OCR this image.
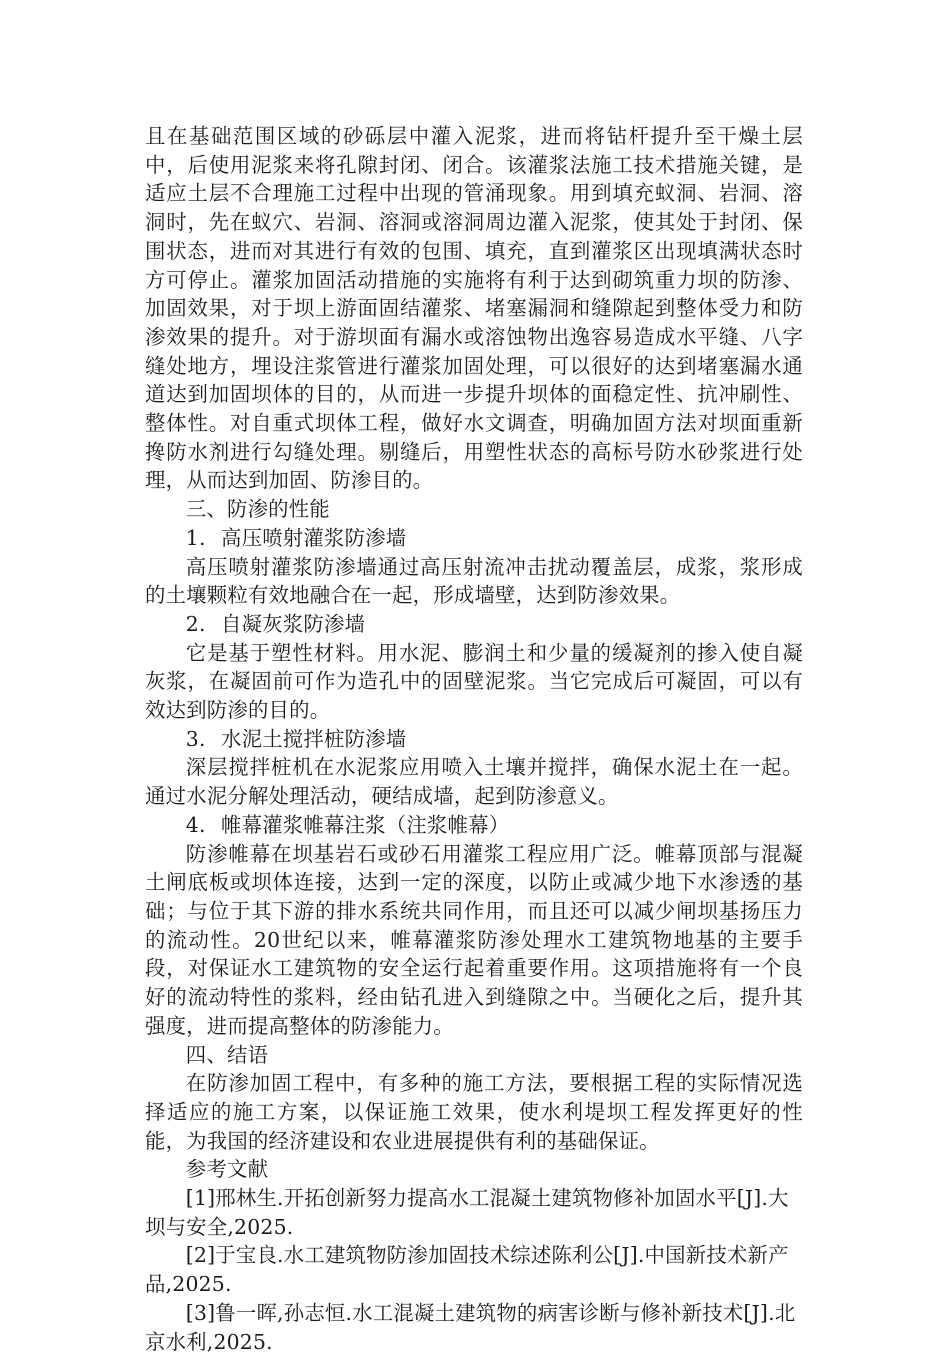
且在基础范围区域的砂砾层中灌入泥浆，进而将钻杆提升至干燥土层中，后使用泥浆来将孔隙封闭、闭合。该灌浆法施工技术措施关键，是适应土层不合理施工过程中出现的管涌现象。用到填充蚁洞、岩洞、溶洞时，先在蚁穴、岩洞、溶洞或溶洞周边灌入泥浆，使其处于封闭、保围状态，进而对其进行有效的包围、填充，直到灌浆区出现填满状态时方可停止。灌浆加固活动措施的实施将有利于达到砌筑重力坝的防渗、加固效果，对于坝上游面固结灌浆、堵塞漏洞和缝隙起到整体受力和防渗效果的提升。对于游坝面有漏水或溶蚀物出逸容易造成水平缝、八字缝处地方，埋设注浆管进行灌浆加固处理，可以很好的达到堵塞漏水通道达到加固坝体的目的，从而进一步提升坝体的面稳定性、抗冲刷性、整体性。对自重式坝体工程，做好水文调查，明确加固方法对坝面重新搀防水剂进行勾缝处理。剔缝后，用塑性状态的高标号防水砂浆进行处理，从而达到加固、防渗目的。

三、防渗的性能

1. 高压喷射灌浆防渗墙

高压喷射灌浆防渗墙通过高压射流冲击扰动覆盖层，成浆，浆形成的土壤颗粒有效地融合在一起，形成墙壁，达到防渗效果。

2. 自凝灰浆防渗墙

它是基于塑性材料。用水泥、膨润土和少量的缓凝剂的掺入使自凝灰浆，在凝固前可作为造孔中的固壁泥浆。当它完成后可凝固，可以有效达到防渗的目的。

3. 水泥土搅拌桩防渗墙

深层搅拌桩机在水泥浆应用喷入土壤并搅拌，确保水泥土在一起。通过水泥分解处理活动，硬结成墙，起到防渗意义。

4. 帷幕灌浆帷幕注浆（注浆帷幕）

防渗帷幕在坝基岩石或砂石用灌浆工程应用广泛。帷幕顶部与混凝土闸底板或坝体连接，达到一定的深度，以防止或减少地下水渗透的基础；与位于其下游的排水系统共同作用，而且还可以减少闸坝基扬压力的流动性。20世纪以来，帷幕灌浆防渗处理水工建筑物地基的主要手段，对保证水工建筑物的安全运行起着重要作用。这项措施将有一个良好的流动特性的浆料，经由钻孔进入到缝隙之中。当硬化之后，提升其强度，进而提高整体的防渗能力。

四、结语

在防渗加固工程中，有多种的施工方法，要根据工程的实际情况选择适应的施工方案，以保证施工效果，使水利堤坝工程发挥更好的性能，为我国的经济建设和农业进展提供有利的基础保证。

参考文献

[1]邢林生.开拓创新努力提高水工混凝土建筑物修补加固水平[J].大坝与安全,2025.

[2]于宝良.水工建筑物防渗加固技术综述陈利公[J].中国新技术新产品,2025.

[3]鲁一晖,孙志恒.水工混凝土建筑物的病害诊断与修补新技术[J].北京水利,2025.
